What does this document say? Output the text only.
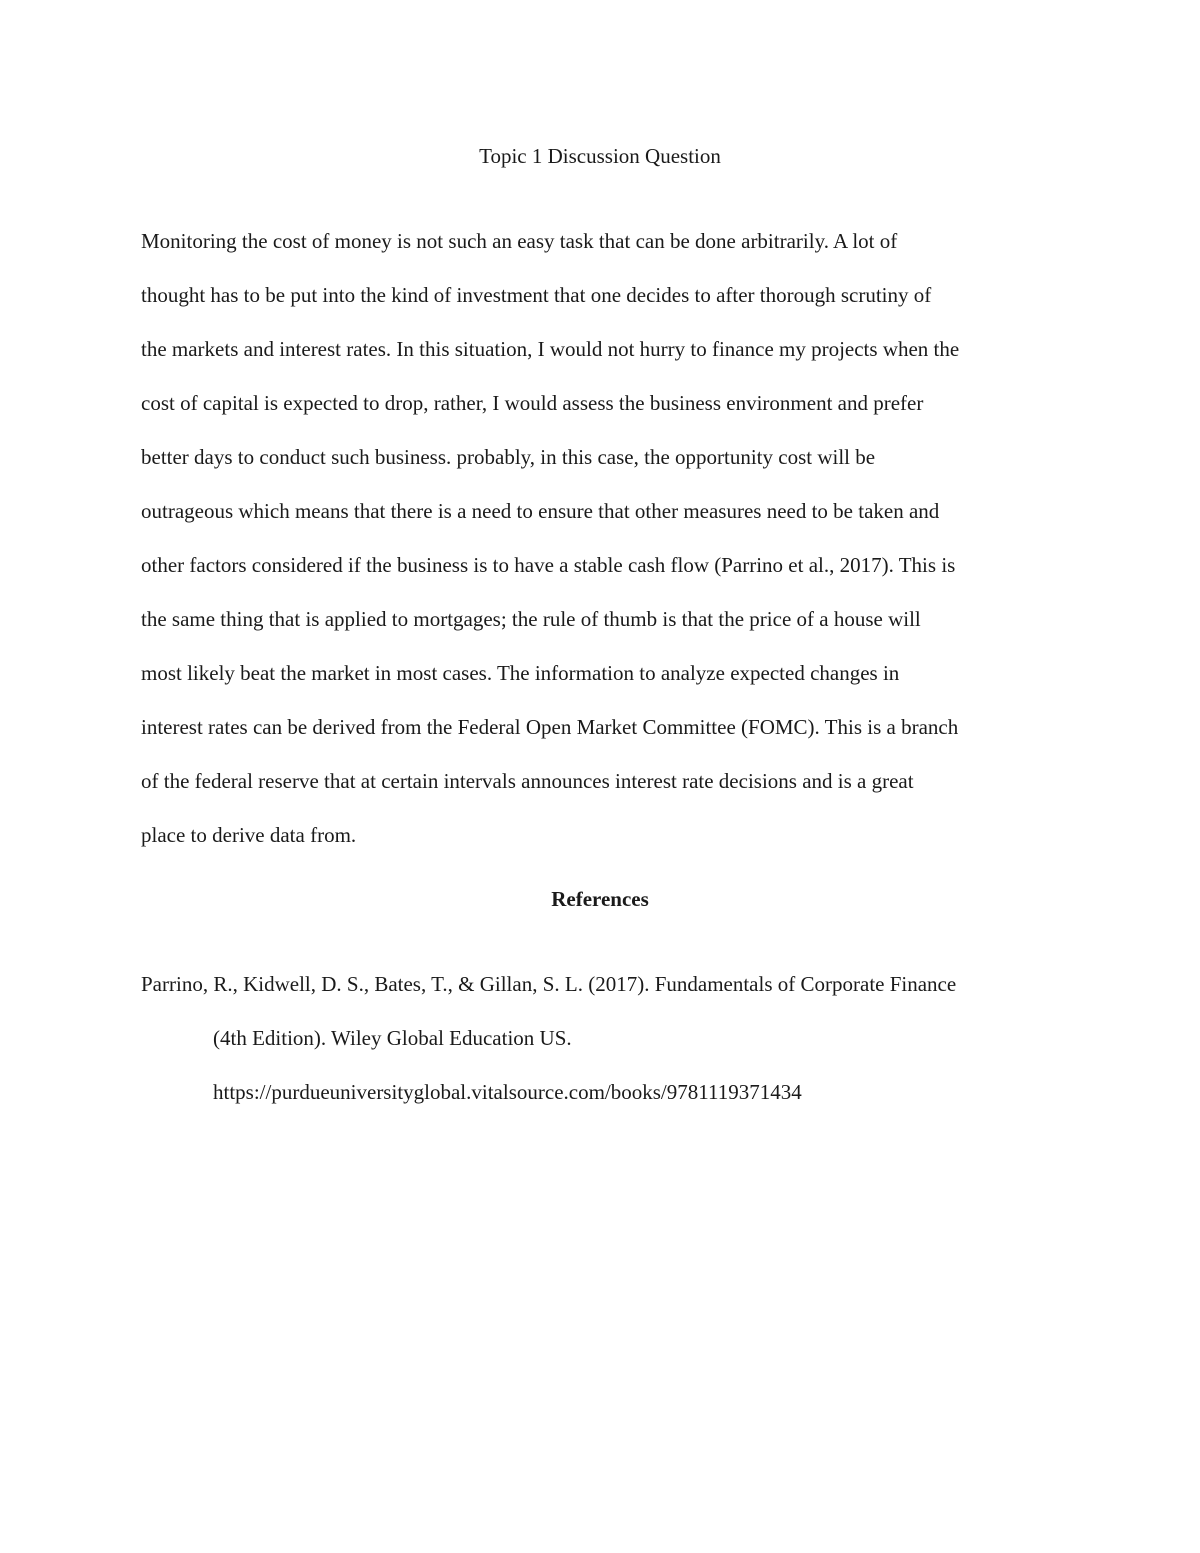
Topic 1 Discussion Question
Monitoring the cost of money is not such an easy task that can be done arbitrarily. A lot of
thought has to be put into the kind of investment that one decides to after thorough scrutiny of
the markets and interest rates. In this situation, I would not hurry to finance my projects when the
cost of capital is expected to drop, rather, I would assess the business environment and prefer
better days to conduct such business. probably, in this case, the opportunity cost will be
outrageous which means that there is a need to ensure that other measures need to be taken and
other factors considered if the business is to have a stable cash flow (Parrino et al., 2017). This is
the same thing that is applied to mortgages; the rule of thumb is that the price of a house will
most likely beat the market in most cases. The information to analyze expected changes in
interest rates can be derived from the Federal Open Market Committee (FOMC). This is a branch
of the federal reserve that at certain intervals announces interest rate decisions and is a great
place to derive data from.
References
Parrino, R., Kidwell, D. S., Bates, T., & Gillan, S. L. (2017). Fundamentals of Corporate Finance
(4th Edition). Wiley Global Education US.
https://purdueuniversityglobal.vitalsource.com/books/9781119371434
